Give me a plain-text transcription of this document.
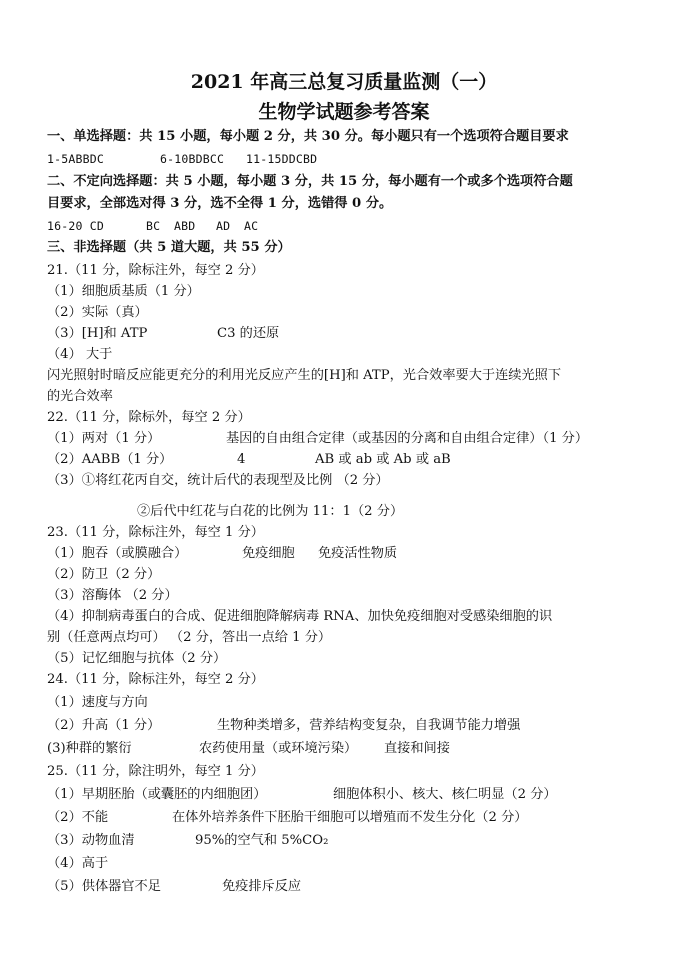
2021 年高三总复习质量监测（一）
生物学试题参考答案
一、单选择题：共 15 小题，每小题 2 分，共 30 分。每小题只有一个选项符合题目要求
1-5ABBDC	6-10BDBCC 11-15DDCBD
二、不定向选择题：共 5 小题，每小题 3 分，共 15 分，每小题有一个或多个选项符合题
目要求，全部选对得 3 分，选不全得 1 分，选错得 0 分。
16-20 CD	BC ABD AD AC
三、非选择题（共 5 道大题，共 55 分）
21.（11 分，除标注外，每空 2 分）
（1）细胞质基质（1 分）
（2）实际（真）
（3）[H]和 ATP	C3 的还原
（4） 大于
闪光照射时暗反应能更充分的利用光反应产生的[H]和 ATP，光合效率要大于连续光照下
的光合效率
22.（11 分，除标外，每空 2 分）
（1）两对（1 分）	基因的自由组合定律（或基因的分离和自由组合定律）（1 分）
（2）AABB（1 分）	4	AB 或 ab 或 Ab 或 aB
（3）①将红花丙自交，统计后代的表现型及比例 （2 分）
②后代中红花与白花的比例为 11：1（2 分）
23.（11 分，除标注外，每空 1 分）
（1）胞吞（或膜融合）	免疫细胞 免疫活性物质
（2）防卫（2 分）
（3）溶酶体 （2 分）
（4）抑制病毒蛋白的合成、促进细胞降解病毒 RNA、加快免疫细胞对受感染细胞的识
别（任意两点均可） （2 分，答出一点给 1 分）
（5）记忆细胞与抗体（2 分）
24.（11 分，除标注外，每空 2 分）
（1）速度与方向
（2）升高（1 分）	生物种类增多，营养结构变复杂，自我调节能力增强
(3)种群的繁衍	农药使用量（或环境污染） 直接和间接
25.（11 分，除注明外，每空 1 分）
（1）早期胚胎（或囊胚的内细胞团）	细胞体积小、核大、核仁明显（2 分）
（2）不能	在体外培养条件下胚胎干细胞可以增殖而不发生分化（2 分）
（3）动物血清	95%的空气和 5%CO₂
（4）高于
（5）供体器官不足	免疫排斥反应
